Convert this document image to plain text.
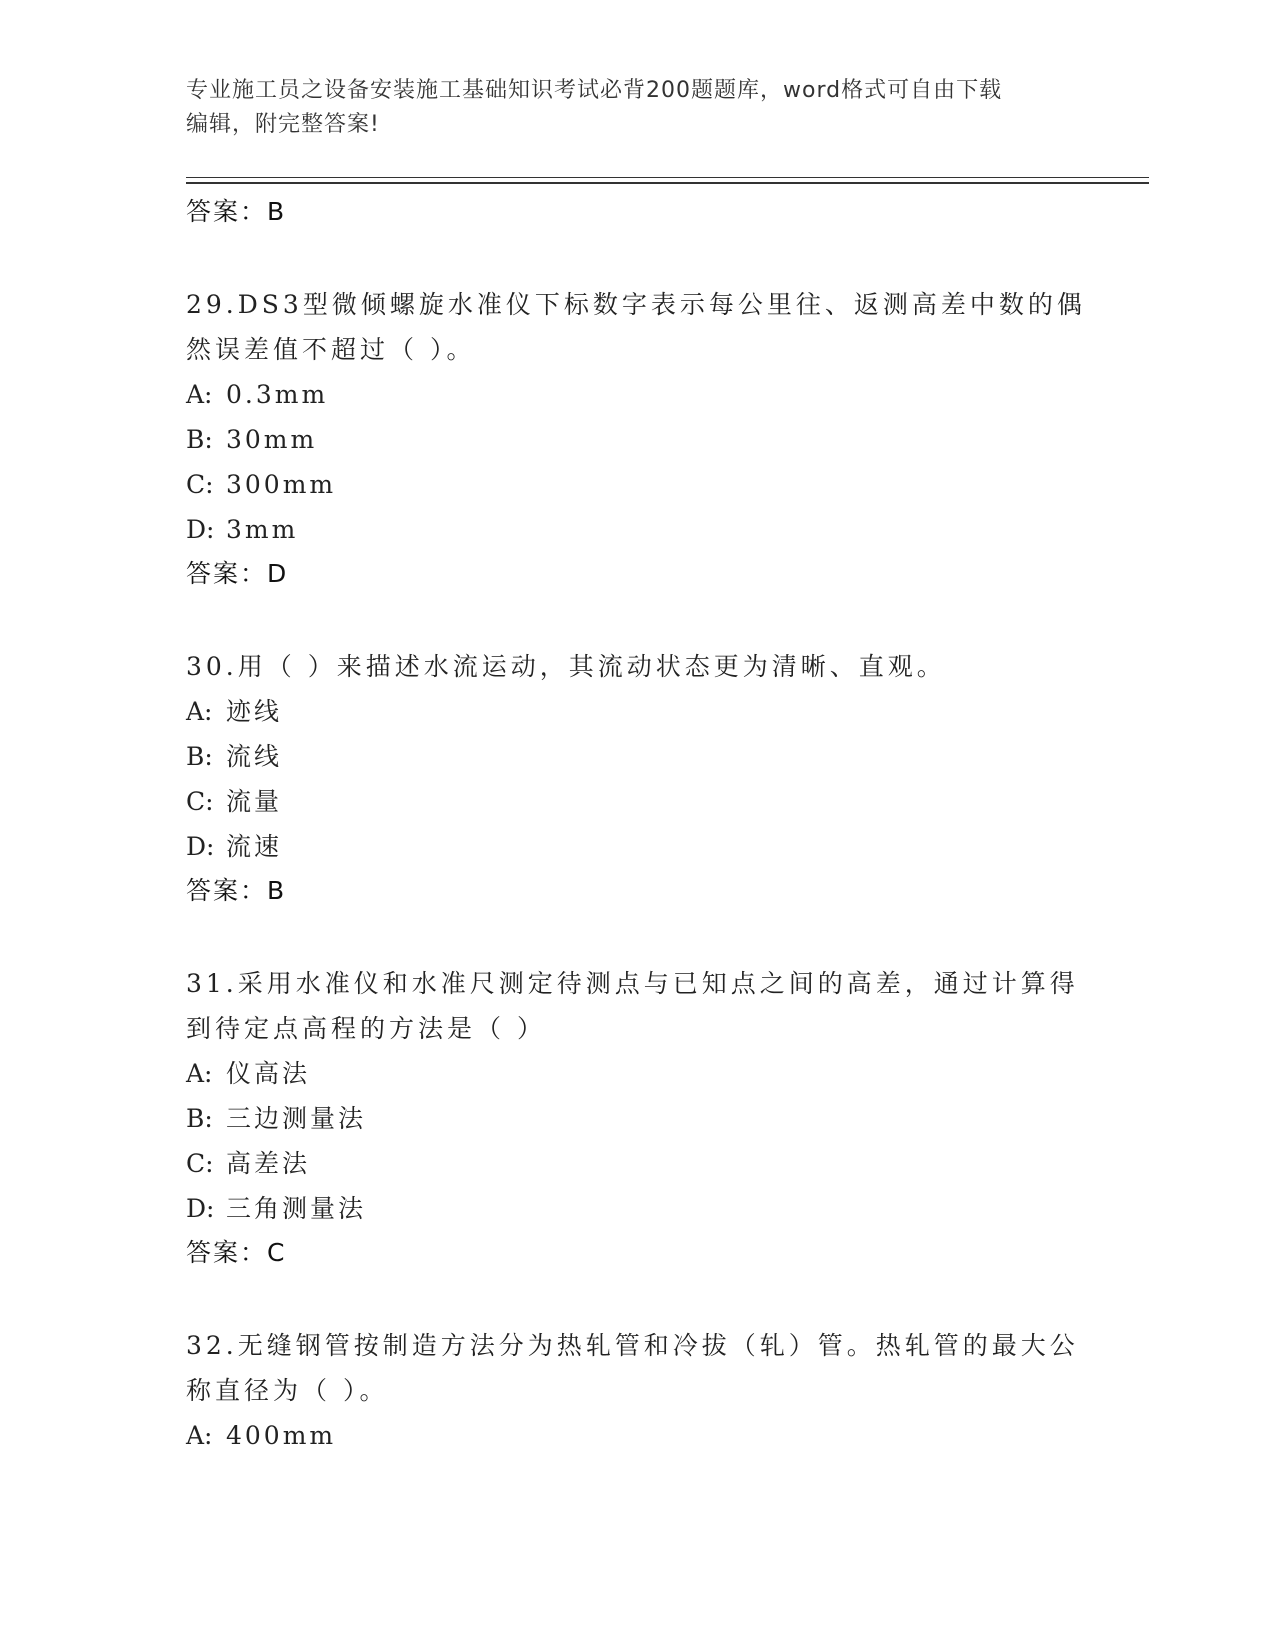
专业施工员之设备安装施工基础知识考试必背200题题库，word格式可自由下载
编辑，附完整答案!
答案：B
29.DS3型微倾螺旋水准仪下标数字表示每公里往、返测高差中数的偶
然误差值不超过（ ）。
A: 0.3mm
B: 30mm
C: 300mm
D: 3mm
答案：D
30.用（ ）来描述水流运动，其流动状态更为清晰、直观。
A: 迹线
B: 流线
C: 流量
D: 流速
答案：B
31.采用水准仪和水准尺测定待测点与已知点之间的高差，通过计算得
到待定点高程的方法是（ ）
A: 仪高法
B: 三边测量法
C: 高差法
D: 三角测量法
答案：C
32.无缝钢管按制造方法分为热轧管和冷拔（轧）管。热轧管的最大公
称直径为（ ）。
A: 400mm
